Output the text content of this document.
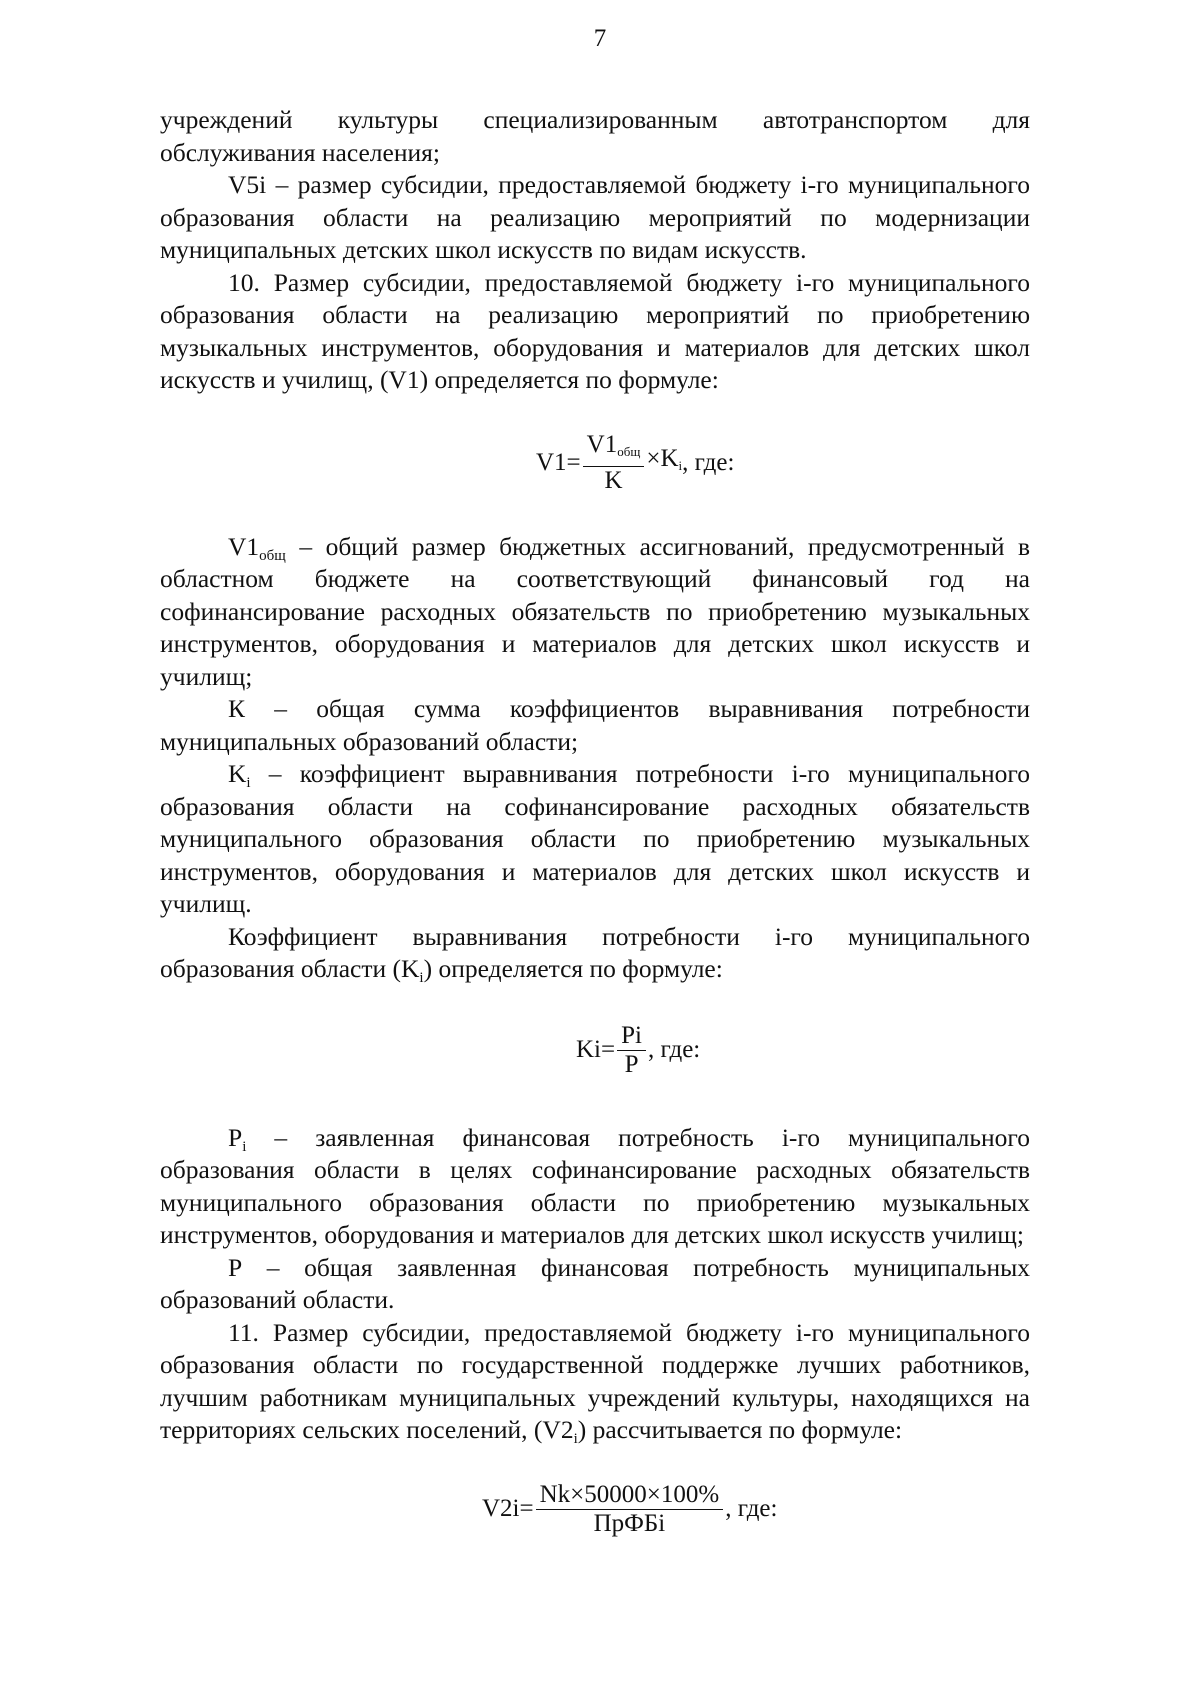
7

учреждений культуры специализированным автотранспортом для обслуживания населения;

V5i – размер субсидии, предоставляемой бюджету i-го муниципального образования области на реализацию мероприятий по модернизации муниципальных детских школ искусств по видам искусств.

10. Размер субсидии, предоставляемой бюджету i-го муниципального образования области на реализацию мероприятий по приобретению музыкальных инструментов, оборудования и материалов для детских школ искусств и училищ, (V1) определяется по формуле:

$V1= \frac{\text{V1общ}}{K} \times Ki$ , где:

$V1_{общ}$ – общий размер бюджетных ассигнований, предусмотренный в областном бюджете на соответствующий финансовый год на софинансирование расходных обязательств по приобретению музыкальных инструментов, оборудования и материалов для детских школ искусств и училищ;

К – общая сумма коэффициентов выравнивания потребности муниципальных образований области;

$K_i$ – коэффициент выравнивания потребности i-го муниципального образования области на софинансирование расходных обязательств муниципального образования области по приобретению музыкальных инструментов, оборудования и материалов для детских школ искусств и училищ.

Коэффициент выравнивания потребности i-го муниципального образования области $(K_i)$ определяется по формуле:

$Ki= \frac{Pi}{P}$ , где:

$P_i$ – заявленная финансовая потребность i-го муниципального образования области в целях софинансирование расходных обязательств муниципального образования области по приобретению музыкальных инструментов, оборудования и материалов для детских школ искусств училищ;

Р – общая заявленная финансовая потребность муниципальных образований области.

11. Размер субсидии, предоставляемой бюджету i-го муниципального образования области по государственной поддержке лучших работников, лучшим работникам муниципальных учреждений культуры, находящихся на территориях сельских поселений, $(V2_i)$ рассчитывается по формуле:

$V2i= \frac{Nk\times 50000\times 100\%}{\text{ПрФБi}}$ , где:
